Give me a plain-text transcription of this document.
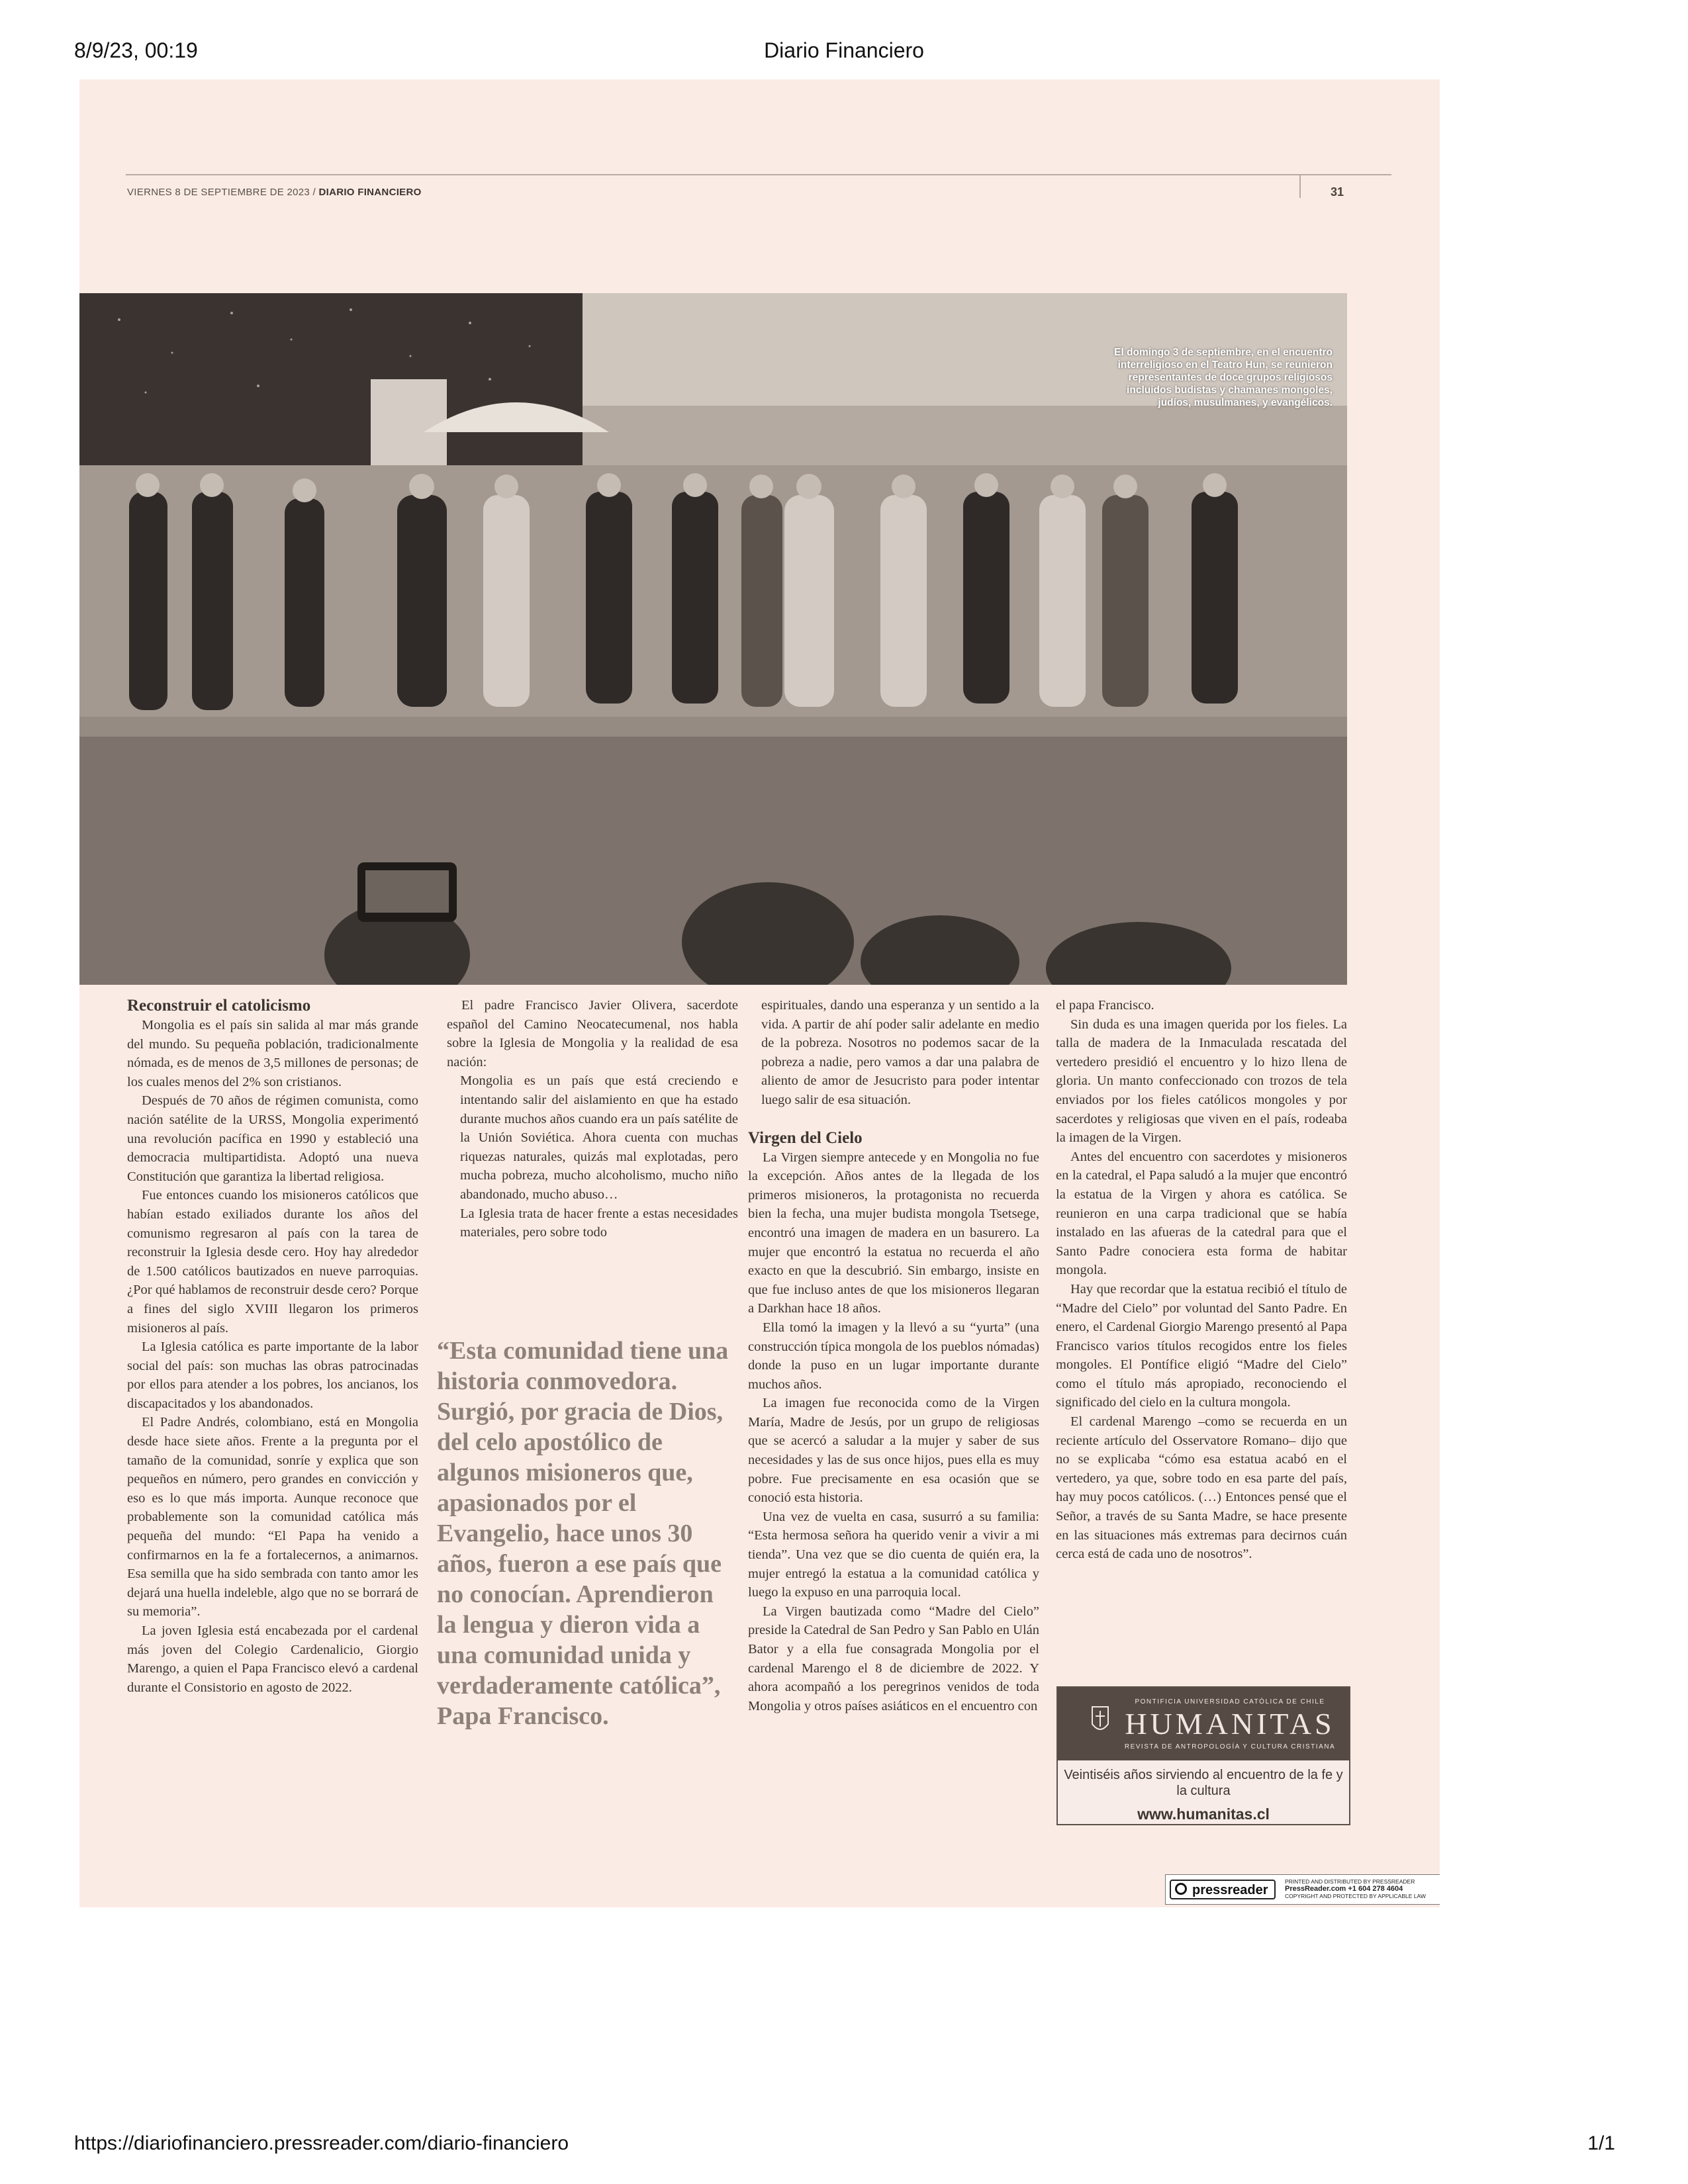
8/9/23, 00:19	Diario Financiero
VIERNES 8 DE SEPTIEMBRE DE 2023 / DIARIO FINANCIERO	31
El domingo 3 de septiembre, en el encuentro interreligioso en el Teatro Hun, se reunieron representantes de doce grupos religiosos incluidos budistas y chamanes mongoles, judíos, musulmanes, y evangélicos.
Reconstruir el catolicismo

Mongolia es el país sin salida al mar más grande del mundo. Su pequeña población, tradicionalmente nómada, es de menos de 3,5 millones de personas; de los cuales menos del 2% son cristianos.

Después de 70 años de régimen comunista, como nación satélite de la URSS, Mongolia experimentó una revolución pacífica en 1990 y estableció una democracia multipartidista. Adoptó una nueva Constitución que garantiza la libertad religiosa.

Fue entonces cuando los misioneros católicos que habían estado exiliados durante los años del comunismo regresaron al país con la tarea de reconstruir la Iglesia desde cero. Hoy hay alrededor de 1.500 católicos bautizados en nueve parroquias. ¿Por qué hablamos de reconstruir desde cero? Porque a fines del siglo XVIII llegaron los primeros misioneros al país.

La Iglesia católica es parte importante de la labor social del país: son muchas las obras patrocinadas por ellos para atender a los pobres, los ancianos, los discapacitados y los abandonados.

El Padre Andrés, colombiano, está en Mongolia desde hace siete años. Frente a la pregunta por el tamaño de la comunidad, sonríe y explica que son pequeños en número, pero grandes en convicción y eso es lo que más importa. Aunque reconoce que probablemente son la comunidad católica más pequeña del mundo: “El Papa ha venido a confirmarnos en la fe a fortalecernos, a animarnos. Esa semilla que ha sido sembrada con tanto amor les dejará una huella indeleble, algo que no se borrará de su memoria”.

La joven Iglesia está encabezada por el cardenal más joven del Colegio Cardenalicio, Giorgio Marengo, a quien el Papa Francisco elevó a cardenal durante el Consistorio en agosto de 2022.

El padre Francisco Javier Olivera, sacerdote español del Camino Neocatecumenal, nos habla sobre la Iglesia de Mongolia y la realidad de esa nación:

Mongolia es un país que está creciendo e intentando salir del aislamiento en que ha estado durante muchos años cuando era un país satélite de la Unión Soviética. Ahora cuenta con muchas riquezas naturales, quizás mal explotadas, pero mucha pobreza, mucho alcoholismo, mucho niño abandonado, mucho abuso…

La Iglesia trata de hacer frente a estas necesidades materiales, pero sobre todo

“Esta comunidad tiene una historia conmovedora. Surgió, por gracia de Dios, del celo apostólico de algunos misioneros que, apasionados por el Evangelio, hace unos 30 años, fueron a ese país que no conocían. Aprendieron la lengua y dieron vida a una comunidad unida y verdaderamente católica”, Papa Francisco.

espirituales, dando una esperanza y un sentido a la vida. A partir de ahí poder salir adelante en medio de la pobreza. Nosotros no podemos sacar de la pobreza a nadie, pero vamos a dar una palabra de aliento de amor de Jesucristo para poder intentar luego salir de esa situación.

Virgen del Cielo

La Virgen siempre antecede y en Mongolia no fue la excepción. Años antes de la llegada de los primeros misioneros, la protagonista no recuerda bien la fecha, una mujer budista mongola Tsetsege, encontró una imagen de madera en un basurero. La mujer que encontró la estatua no recuerda el año exacto en que la descubrió. Sin embargo, insiste en que fue incluso antes de que los misioneros llegaran a Darkhan hace 18 años.

Ella tomó la imagen y la llevó a su “yurta” (una construcción típica mongola de los pueblos nómadas) donde la puso en un lugar importante durante muchos años.

La imagen fue reconocida como de la Virgen María, Madre de Jesús, por un grupo de religiosas que se acercó a saludar a la mujer y saber de sus necesidades y las de sus once hijos, pues ella es muy pobre. Fue precisamente en esa ocasión que se conoció esta historia.

Una vez de vuelta en casa, susurró a su familia: “Esta hermosa señora ha querido venir a vivir a mi tienda”. Una vez que se dio cuenta de quién era, la mujer entregó la estatua a la comunidad católica y luego la expuso en una parroquia local.

La Virgen bautizada como “Madre del Cielo” preside la Catedral de San Pedro y San Pablo en Ulán Bator y a ella fue consagrada Mongolia por el cardenal Marengo el 8 de diciembre de 2022. Y ahora acompañó a los peregrinos venidos de toda Mongolia y otros países asiáticos en el encuentro con

el papa Francisco.

Sin duda es una imagen querida por los fieles. La talla de madera de la Inmaculada rescatada del vertedero presidió el encuentro y lo hizo llena de gloria. Un manto confeccionado con trozos de tela enviados por los fieles católicos mongoles y por sacerdotes y religiosas que viven en el país, rodeaba la imagen de la Virgen.

Antes del encuentro con sacerdotes y misioneros en la catedral, el Papa saludó a la mujer que encontró la estatua de la Virgen y ahora es católica. Se reunieron en una carpa tradicional que se había instalado en las afueras de la catedral para que el Santo Padre conociera esta forma de habitar mongola.

Hay que recordar que la estatua recibió el título de “Madre del Cielo” por voluntad del Santo Padre. En enero, el Cardenal Giorgio Marengo presentó al Papa Francisco varios títulos recogidos entre los fieles mongoles. El Pontífice eligió “Madre del Cielo” como el título más apropiado, reconociendo el significado del cielo en la cultura mongola.

El cardenal Marengo –como se recuerda en un reciente artículo del Osservatore Romano– dijo que no se explicaba “cómo esa estatua acabó en el vertedero, ya que, sobre todo en esa parte del país, hay muy pocos católicos. (…) Entonces pensé que el Señor, a través de su Santa Madre, se hace presente en las situaciones más extremas para decirnos cuán cerca está de cada uno de nosotros”.

PONTIFICIA UNIVERSIDAD CATÓLICA DE CHILE
HUMANITAS
REVISTA DE ANTROPOLOGÍA Y CULTURA CRISTIANA
Veintiséis años sirviendo al encuentro de la fe y la cultura
www.humanitas.cl
pressreader
PRINTED AND DISTRIBUTED BY PRESSREADER
PressReader.com +1 604 278 4604
COPYRIGHT AND PROTECTED BY APPLICABLE LAW
https://diariofinanciero.pressreader.com/diario-financiero	1/1
